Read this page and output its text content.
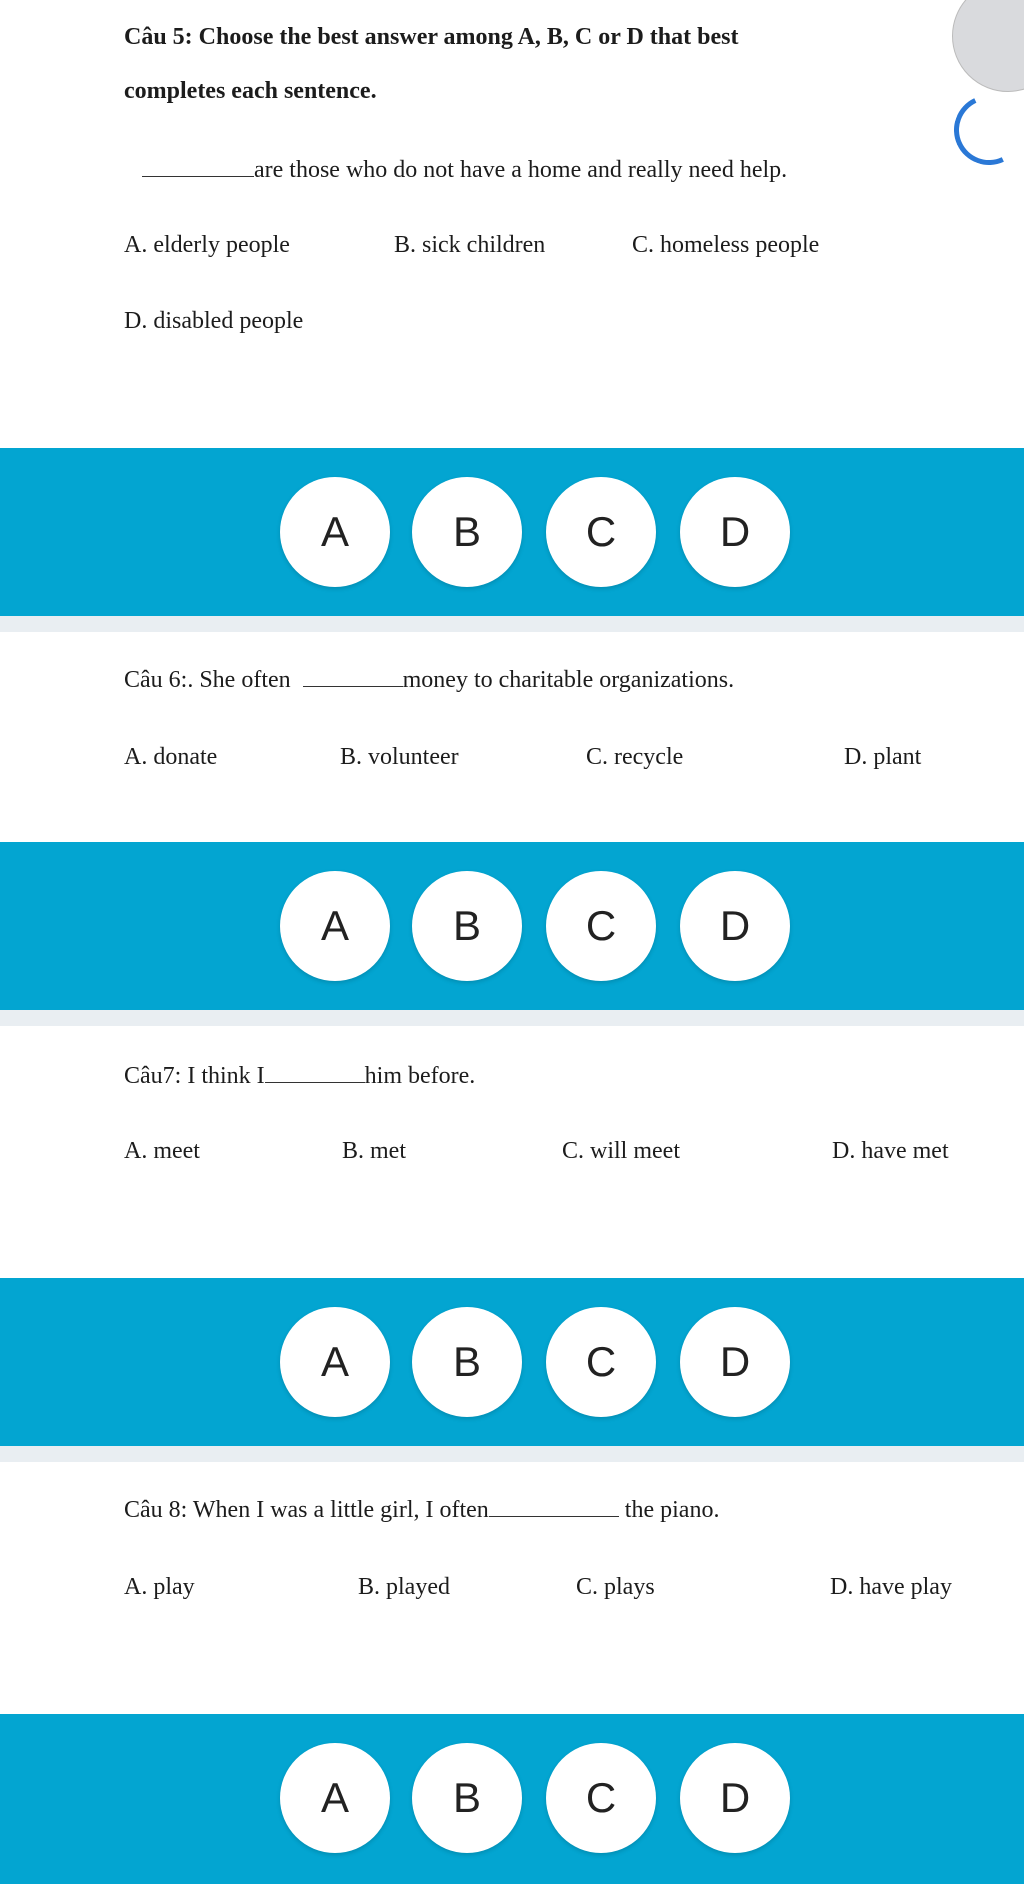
Câu 5: Choose the best answer among A, B, C or D that best
completes each sentence.
are those who do not have a home and really need help.
A. elderly people	B. sick children	C. homeless people
D. disabled people
A	B	C	D
Câu 6:. She often	money to charitable organizations.
A. donate	B. volunteer	C. recycle	D. plant
A	B	C	D
Câu7: I think I	him before.
A. meet	B. met	C. will meet	D. have met
A	B	C	D
Câu 8: When I was a little girl, I often	the piano.
A. play	B. played	C. plays	D. have play
A	B	C	D
